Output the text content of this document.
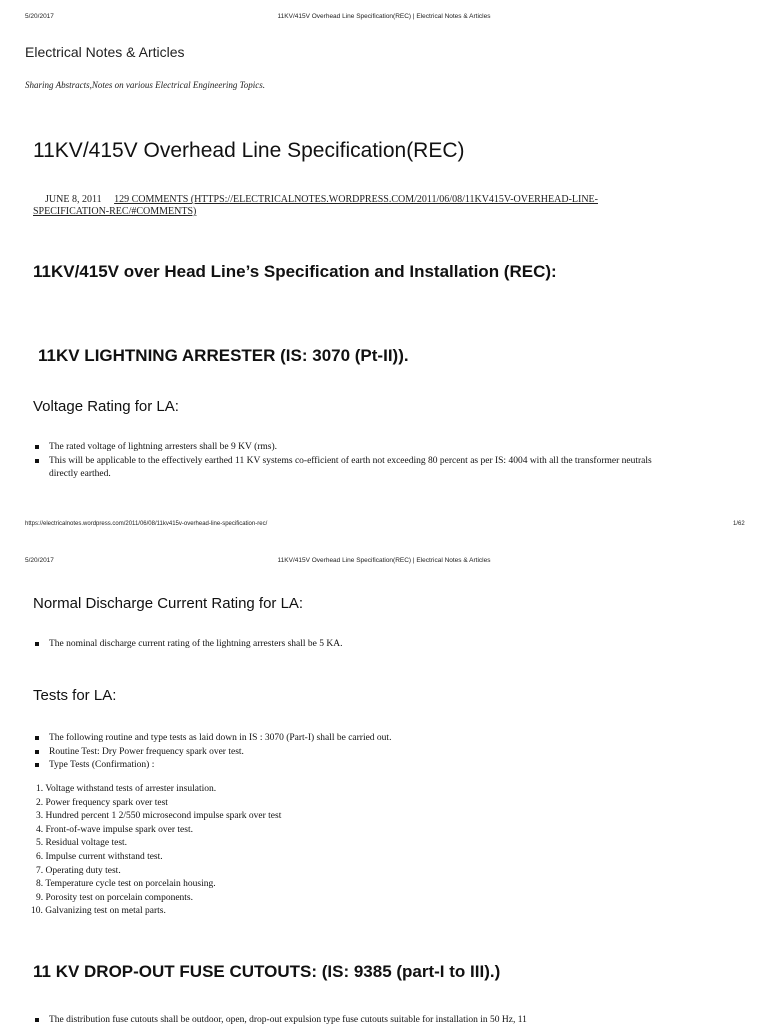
5/20/2017	11KV/415V Overhead Line Specification(REC) | Electrical Notes & Articles
Electrical Notes & Articles
Sharing Abstracts,Notes on various Electrical Engineering Topics.
11KV/415V Overhead Line Specification(REC)
JUNE 8, 2011 129 COMMENTS (HTTPS://ELECTRICALNOTES.WORDPRESS.COM/2011/06/08/11KV415V-OVERHEAD-LINE-SPECIFICATION-REC/#COMMENTS)
11KV/415V over Head Line’s Specification and Installation (REC):
11KV LIGHTNING ARRESTER (IS: 3070 (Pt-II)).
Voltage Rating for LA:
The rated voltage of lightning arresters shall be 9 KV (rms).
This will be applicable to the effectively earthed 11 KV systems co-efficient of earth not exceeding 80 percent as per IS: 4004 with all the transformer neutrals directly earthed.
https://electricalnotes.wordpress.com/2011/06/08/11kv415v-overhead-line-specification-rec/	1/62
5/20/2017	11KV/415V Overhead Line Specification(REC) | Electrical Notes & Articles
Normal Discharge Current Rating for LA:
The nominal discharge current rating of the lightning arresters shall be 5 KA.
Tests for LA:
The following routine and type tests as laid down in IS : 3070 (Part-I) shall be carried out.
Routine Test: Dry Power frequency spark over test.
Type Tests (Confirmation) :
1. Voltage withstand tests of arrester insulation.
2. Power frequency spark over test
3. Hundred percent 1 2/550 microsecond impulse spark over test
4. Front-of-wave impulse spark over test.
5. Residual voltage test.
6. Impulse current withstand test.
7. Operating duty test.
8. Temperature cycle test on porcelain housing.
9. Porosity test on porcelain components.
10. Galvanizing test on metal parts.
11 KV DROP-OUT FUSE CUTOUTS: (IS: 9385 (part-I to III).)
The distribution fuse cutouts shall be outdoor, open, drop-out expulsion type fuse cutouts suitable for installation in 50 Hz, 11
